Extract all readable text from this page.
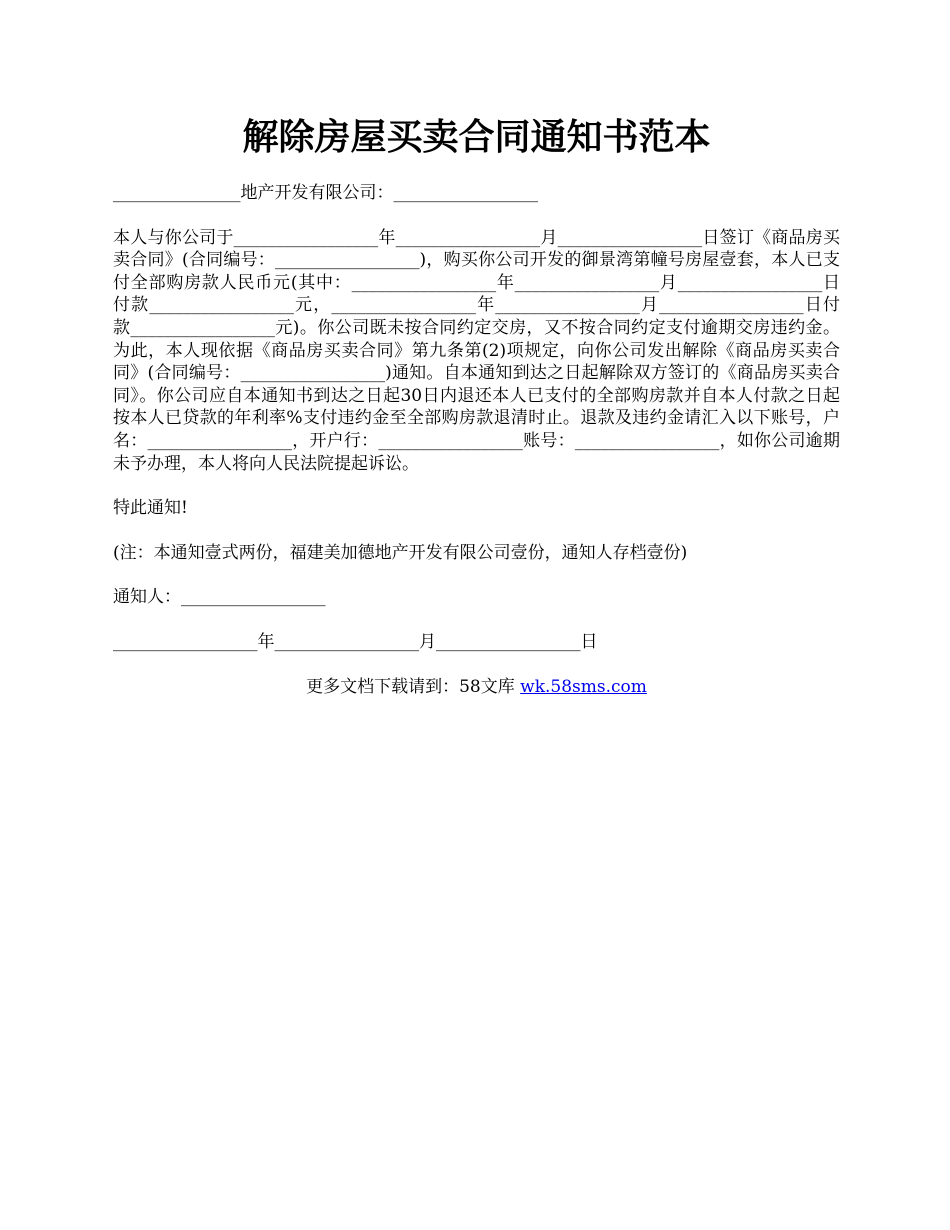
解除房屋买卖合同通知书范本

_______________地产开发有限公司：_________________

本人与你公司于_________________年_________________月_________________日签订《商品房买卖合同》(合同编号：_________________)，购买你公司开发的御景湾第幢号房屋壹套，本人已支付全部购房款人民币元(其中：_________________年_________________月_________________日付款_________________元，_________________年_________________月_________________日付款_________________元)。你公司既未按合同约定交房，又不按合同约定支付逾期交房违约金。为此，本人现依据《商品房买卖合同》第九条第(2)项规定，向你公司发出解除《商品房买卖合同》(合同编号：_________________)通知。自本通知到达之日起解除双方签订的《商品房买卖合同》。你公司应自本通知书到达之日起30日内退还本人已支付的全部购房款并自本人付款之日起按本人已贷款的年利率%支付违约金至全部购房款退清时止。退款及违约金请汇入以下账号，户名：_________________，开户行：_________________账号：_________________，如你公司逾期未予办理，本人将向人民法院提起诉讼。

特此通知!

(注：本通知壹式两份，福建美加德地产开发有限公司壹份，通知人存档壹份)

通知人：_________________

_________________年_________________月_________________日

更多文档下载请到：58文库 wk.58sms.com
